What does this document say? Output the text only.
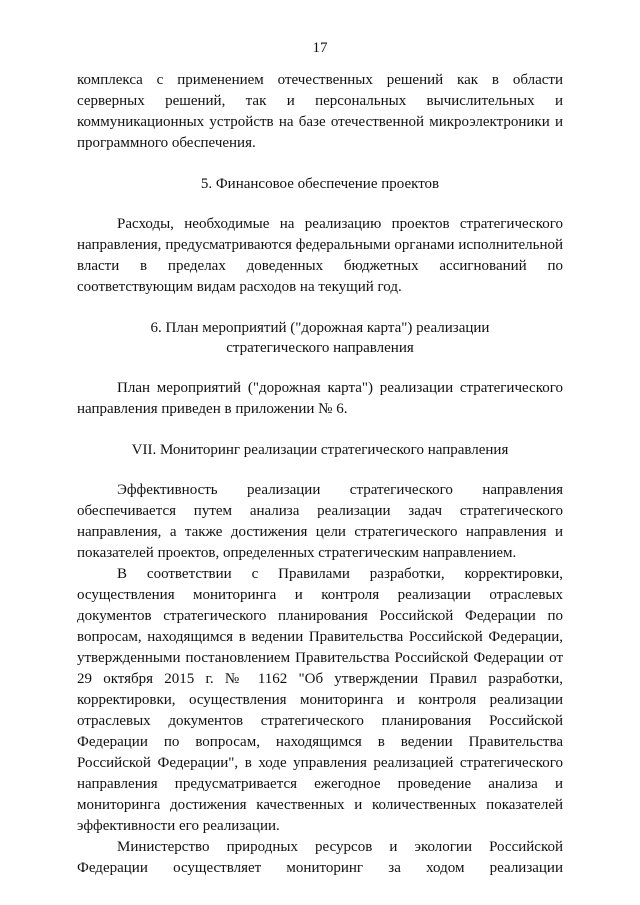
17

комплекса с применением отечественных решений как в области серверных решений, так и персональных вычислительных и коммуникационных устройств на базе отечественной микроэлектроники и программного обеспечения.

5. Финансовое обеспечение проектов

Расходы, необходимые на реализацию проектов стратегического направления, предусматриваются федеральными органами исполнительной власти в пределах доведенных бюджетных ассигнований по соответствующим видам расходов на текущий год.

6. План мероприятий ("дорожная карта") реализации
стратегического направления

План мероприятий ("дорожная карта") реализации стратегического направления приведен в приложении № 6.

VII. Мониторинг реализации стратегического направления

Эффективность реализации стратегического направления обеспечивается путем анализа реализации задач стратегического направления, а также достижения цели стратегического направления и показателей проектов, определенных стратегическим направлением.

В соответствии с Правилами разработки, корректировки, осуществления мониторинга и контроля реализации отраслевых документов стратегического планирования Российской Федерации по вопросам, находящимся в ведении Правительства Российской Федерации, утвержденными постановлением Правительства Российской Федерации от 29 октября 2015 г. № 1162 "Об утверждении Правил разработки, корректировки, осуществления мониторинга и контроля реализации отраслевых документов стратегического планирования Российской Федерации по вопросам, находящимся в ведении Правительства Российской Федерации", в ходе управления реализацией стратегического направления предусматривается ежегодное проведение анализа и мониторинга достижения качественных и количественных показателей эффективности его реализации.

Министерство природных ресурсов и экологии Российской Федерации осуществляет мониторинг за ходом реализации
